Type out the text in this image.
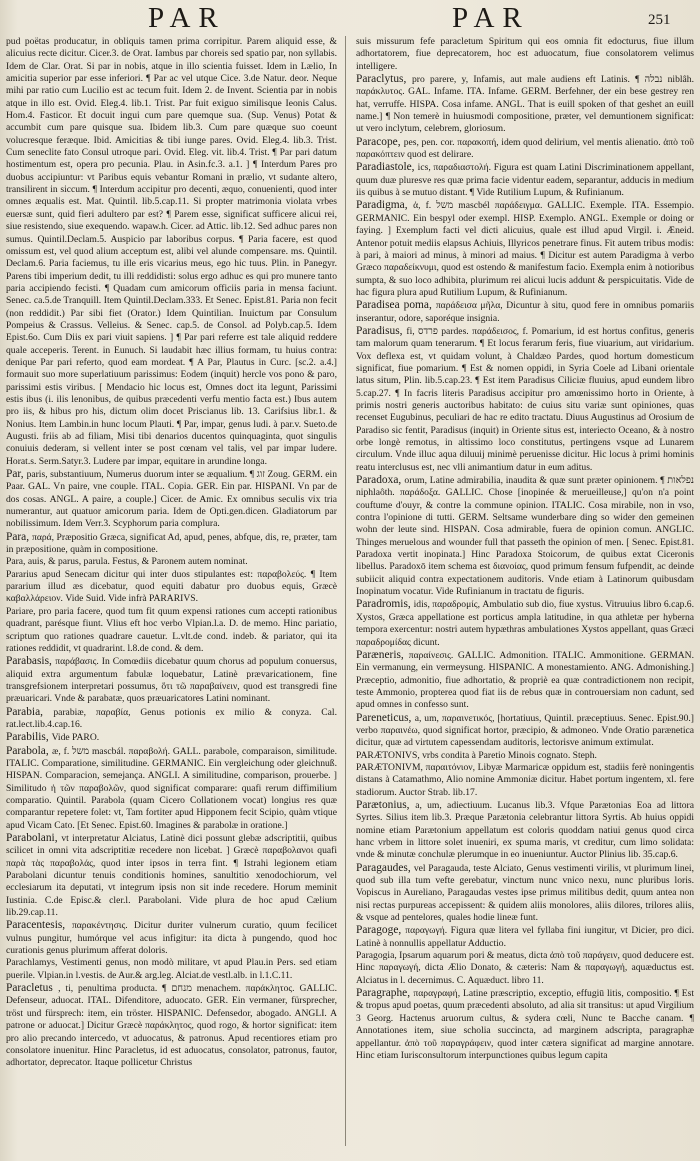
PAR	PAR	251

pud poëtas producatur, in obliquis tamen prima corripitur. Parem aliquid esse, & alicuius recte dicitur. Cicer.3. de Orat. Iambus par choreis sed spatio par, non syllabis. Idem de Clar. Orat. Si par in nobis, atque in illo scientia fuisset. Idem in Lælio, In amicitia superior par esse inferiori. ¶ Par ac vel utque Cice. 3.de Natur. deor. Neque mihi par ratio cum Lucilio est ac tecum fuit. Idem 2. de Invent. Scientia par in nobis atque in illo est. Ovid. Eleg.4. lib.1. Trist. Par fuit exiguo similisque Ieonis Calus. Hom.4. Fasticor. Et docuit ingui cum pare quemque sua. (Sup. Venus) Potat & accumbit cum pare quisque sua. Ibidem lib.3. Cum pare quæque suo coeunt volucresque feræque. Ibid. Amicitias & tibi iunge pares. Ovid. Eleg.4. lib.3. Trist. Cum seneclite fato Consul utroque pari. Ovid. Eleg. vit. lib.4. Trist. ¶ Par pari datum hostimentum est, opera pro pecunia. Plau. in Asin.fc.3. a.1. ] ¶ Interdum Pares pro duobus accipiuntur: vt Paribus equis vebantur Romani in prælio, vt sudante altero, transilirent in siccum. ¶ Interdum accipitur pro decenti, æquo, conuenienti, quod inter omnes æqualis est. Mat. Quintil. lib.5.cap.11. Si propter matrimonia violata vrbes euersæ sunt, quid fieri adultero par est? ¶ Parem esse, significat sufficere alicui rei, siue resistendo, siue exequendo. wapaw.h. Cicer. ad Attic. lib.12. Sed adhuc pares non sumus. Quintil.Declam.5. Auspicio par laboribus corpus. ¶ Paria facere, est quod omissum est, vel quod alium acceptum est, alibi vel alunde compensare. ms. Quintil. Declam.6. Paria faciemus, tu ille eris vicarius meus, ego hic tuus. Plin. in Panegyr. Parens tibi imperium dedit, tu illi reddidisti: solus ergo adhuc es qui pro munere tanto paria accipiendo fecisti. ¶ Quadam cum amicorum officiis paria in mensa faciunt. Senec. ca.5.de Tranquill. Item Quintil.Declam.333. Et Senec. Epist.81. Paria non fecit (non reddidit.) Par sibi fiet (Orator.) Idem Quintilian. Inuictum par Consulum Pompeius & Crassus. Velleius. & Senec. cap.5. de Consol. ad Polyb.cap.5. Idem Epist.6o. Cum Diis ex pari viuit sapiens. ] ¶ Par pari referre est tale aliquid reddere quale acceperis. Terent. in Eunuch. Si laudabit hæc illius formam, tu huius contra: denique Par pari referto, quod eam mordeat. ¶ A Par, Plautus in Curc. [sc.2. a.4.] formauit suo more superlatiuum parissimus: Eodem (inquit) hercle vos pono & paro, parissimi estis viribus. [ Mendacio hic locus est, Omnes doct ita legunt, Parissimi estis ibus (i. ilis lenonibus, de quibus præcedenti verfu mentio facta est.) Ibus autem pro iis, & hibus pro his, dictum olim docet Priscianus lib. 13. Carifsius libr.1. & Nonius. Item Lambin.in hunc locum Plauti. ¶ Par, impar, genus ludi. à par.v. Sueto.de Augusti. friis ab ad filiam, Misi tibi denarios ducentos quinquaginta, quot singulis conuiuis dederam, si vellent inter se post cœnam vel talis, vel par impar ludere. Horat.s. Serm.Satyr.3. Ludere par impar, equitare in arundine longa.

Par, paris, substantiuum, Numerus duorum inter se æqualium. ¶ זוג Zoug. GERM. ein Paar. GAL. Vn paire, vne couple. ITAL. Copia. GER. Ein par. HISPANI. Vn par de dos cosas. ANGL. A paire, a couple.] Cicer. de Amic. Ex omnibus seculis vix tria numerantur, aut quatuor amicorum paria. Idem de Opti.gen.dicen. Gladiatorum par nobilissimum. Idem Verr.3. Scyphorum paria complura.

Para, παρά, Præpositio Græca, significat Ad, apud, penes, abfque, dis, re, præter, tam in præpositione, quàm in compositione.

Para, auis, & parus, parula. Festus, & Paronem autem nominat.

Pararius apud Senecam dicitur qui inter duos stipulantes est: παραβολεύς. ¶ Item pararium illud æs dicebatur, quod equiti dabatur pro duobus equis, Græcè καβαλλάρειον. Vide Suid. Vide infrà PARARIVS.

Pariare, pro paria facere, quod tum fit quum expensi rationes cum accepti rationibus quadrant, parésque fiunt. Vlius eft hoc verbo Vlpian.l.a. D. de memo. Hinc pariatio, scriptum quo rationes quadrare cauetur. L.vlt.de cond. indeb. & pariator, qui ita rationes reddidit, vt quadrarint. l.8.de cond. & dem.

Parabasis, παράβασις. In Comœdiis dicebatur quum chorus ad populum conuersus, aliquid extra argumentum fabulæ loquebatur, Latinè prævaricationem, fine transgrefsionem interpretari possumus, ὅτι τῶ παραβαίνειν, quod est transgredi fine præuaricari. Vnde & parabatæ, quos præuaricatores Latini nominant.

Parabia, parabiæ, παραβία, Genus potionis ex milio & conyza. Cal. rat.lect.lib.4.cap.16.

Parabilis, Vide PARO.

Parabola, æ, f. משל mascbál. παραβολή. GALL. parabole, comparaison, similitude. ITALIC. Comparatione, similitudine. GERMANIC. Ein vergleichung oder gleichnuß. HISPAN. Comparacion, semejança. ANGLI. A similitudine, comparison, prouerbe. ] Similitudo ἡ τῶν παραβολῶν, quod significat comparare: quafi rerum diffimilium comparatio. Quintil. Parabola (quam Cicero Collationem vocat) longius res quæ comparantur repetere folet: vt, Tam fortiter apud Hipponem fecit Scipio, quàm vtique apud Vicam Cato. [Et Senec. Epist.60. Imagines & parabolæ in oratione.]

Parabolani, vt interpretatur Alciatus, Latinè dici possunt glebæ adscriptitii, quibus scilicet in omni vita adscriptitiæ recedere non licebat. ] Græcè παραβολανοι quafi παρὰ τὰς παραβολάς, quod inter ipsos in terra fint. ¶ Istrahi legionem etiam Parabolani dicuntur tenuis conditionis homines, sanultitio xenodochiorum, vel ecclesiarum ita deputati, vt integrum ipsis non sit inde recedere. Horum meminit Iustinia. C.de Episc.& cler.l. Parabolani. Vide plura de hoc apud Cælium lib.29.cap.11.

Paracentesis, παρακέντησις. Dicitur duriter vulnerum curatio, quum fecilicet vulnus pungitur, humórque vel acus infigitur: ita dicta à pungendo, quod hoc curationis genus plurimum afferat doloris.

Parachlamys, Vestimenti genus, non modò militare, vt apud Plau.in Pers. sed etiam puerile. Vlpian.in l.vestis. de Aur.& arg.leg. Alciat.de vestl.alb. in l.1.C.11.

Paracletus , ti, penultima producta. ¶ מנחם menachem. παράκλητος. GALLIC. Defenseur, aduocat. ITAL. Difenditore, aduocato. GER. Ein vermaner, fürsprecher, tröst und fürsprech: item, ein tröster. HISPANIC. Defensedor, abogado. ANGLI. A patrone or aduocat.] Dicitur Græcè παράκλητος, quod rogo, & hortor significat: item pro alio precando intercedo, vt aduocatus, & patronus. Apud recentiores etiam pro consolatore inuenitur. Hinc Paracletus, id est aduocatus, consolator, patronus, fautor, adhortator, deprecator. Itaque pollicetur Christus

suis missurum fefe paracletum Spiritum qui eos omnia fit edocturus, fiue illum adhortatorem, fiue deprecatorem, hoc est aduocatum, fiue consolatorem velimus intelligere.

Paraclytus, pro parere, y, Infamis, aut male audiens eft Latinis. ¶ נבלה niblâh. παράκλυτος. GAL. Infame. ITA. Infame. GERM. Berfehner, der ein bese gestrey ren hat, verruffe. HISPA. Cosa infame. ANGL. That is euill spoken of that geshet an euill name.] ¶ Non temerè in huiusmodi compositione, præter, vel demuntionem significat: ut vero inclytum, celebrem, gloriosum.

Paracope, pes, pen. cor. παρακοπή, idem quod delirium, vel mentis alienatio. ἀπὸ τοῦ παρακόπτειν quod est delirare.

Paradiastole, ics, παραδιαστολή. Figura est quam Latini Discriminationem appellant, quum duæ pluresve res quæ prima facie videntur eadem, separantur, adducis in medium iis quibus à se mutuo distant. ¶ Vide Rutilium Lupum, & Rufinianum.

Paradigma, ἁ, f. משל mascbél παράδειγμα. GALLIC. Exemple. ITA. Essempio. GERMANIC. Ein bespyl oder exempl. HISP. Exemplo. ANGL. Exemple or doing or faying. ] Exemplum facti vel dicti alicuius, quale est illud apud Virgil. i. Æneid. Antenor potuit mediis elapsus Achiuis, Illyricos penetrare finus. Fit autem tribus modis: à pari, à maiori ad minus, à minori ad maius. ¶ Dicitur est autem Paradigma à verbo Græco παραδείκνυμι, quod est ostendo & manifestum facio. Exempla enim à notioribus sumpta, & suo loco adhibita, plurimum rei alicui lucis addunt & perspicuitatis. Vide de hac figura plura apud Rutilium Lupum, & Rufinianum.

Paradisea poma, παράδεισα μῆλα, Dicuntur à situ, quod fere in omnibus pomariis inserantur, odore, saporéque insignia.

Paradisus, fi, פרדס pardes. παράδεισος, f. Pomarium, id est hortus confitus, generis tam malorum quam tenerarum. ¶ Et locus ferarum feris, fiue viuarium, aut viridarium. Vox deflexa est, vt quidam volunt, à Chaldæo Pardes, quod hortum domesticum significat, fiue pomarium. ¶ Est & nomen oppidi, in Syria Coele ad Libani orientale latus situm, Plin. lib.5.cap.23. ¶ Est item Paradisus Ciliciæ fluuius, apud eundem libro 5.cap.27. ¶ In facris literis Paradisus accipitur pro amœnissimo horto in Oriente, à primis nostri generis auctoribus habitato: de cuius situ variæ sunt opiniones, quas recenset Eugubinus, peculiari de hac re edito tractatu. Diuus Augustinus ad Orosium de Paradiso sic fentit, Paradisus (inquit) in Oriente situs est, interiecto Oceano, & à nostro orbe longè remotus, in altissimo loco constitutus, pertingens vsque ad Lunarem circulum. Vnde illuc aqua diluuij minimè peruenisse dicitur. Hic locus à primi hominis reatu interclusus est, nec vlli animantium datur in eum aditus.

Paradoxa, orum, Latine admirabilia, inaudita & quæ sunt præter opinionem. ¶ נפלאות niphlaôth. παράδοξα. GALLIC. Chose [inopinée & merueilleuse,] qu'on n'a point couftume d'ouyr, & contre la commune opinion. ITALIC. Cosa mirabile, non in vso, contra l'opinione di tutti. GERM. Seltsame wunderbare ding so wider den gemeinen wohn der leute sind. HISPAN. Cosa admirable, fuera de opinion comun. ANGLIC. Thinges meruelous and wounder full that passeth the opinion of men. [ Senec. Epist.81. Paradoxa vertit inopinata.] Hinc Paradoxa Stoicorum, de quibus extat Ciceronis libellus. Paradoxō item schema est διανοίας, quod primum fensum fufpendit, ac deinde subiicit aliquid contra expectationem auditoris. Vnde etiam à Latinorum quibusdam Inopinatum vocatur. Vide Rufinianum in tractatu de figuris.

Paradromis, idis, παραδρομίς, Ambulatio sub dio, fiue xystus. Vitruuius libro 6.cap.6. Xystos, Græca appellatione est porticus ampla latitudine, in qua athletæ per hyberna tempora exercentur: nostri autem hypæthras ambulationes Xystos appellant, quas Græci παραδρομίδας dicunt.

Paræneris, παραίνεσις. GALLIC. Admonition. ITALIC. Ammonitione. GERMAN. Ein vermanung, ein vermeysung. HISPANIC. A monestamiento. ANG. Admonishing.] Præceptio, admonitio, fiue adhortatio, & propriè ea quæ contradictionem non recipit, teste Ammonio, propterea quod fiat iis de rebus quæ in controuersiam non cadunt, sed apud omnes in confesso sunt.

Pareneticus, a, um, παραινετικός, [hortatiuus, Quintil. præceptiuus. Senec. Epist.90.] verbo παραινέω, quod significat hortor, præcipio, & admoneo. Vnde Oratio parænetica dicitur, quæ ad virtutem capessendam auditoris, lectorisve animum extimulat.

PARÆTONIVS, vrbs condita à Paretio Minois cognato. Steph.

PARÆTONIVM, παραιτόνιον, Libyæ Marmaricæ oppidum est, stadiis ferè noningentis distans à Catamathmo, Alio nomine Ammoniæ dicitur. Habet portum ingentem, xl. fere stadiorum. Auctor Strab. lib.17.

Parætonius, a, um, adiectiuum. Lucanus lib.3. Vfque Parætonias Eoa ad littora Syrtes. Silius item lib.3. Præque Parætonia celebrantur littora Syrtis. Ab huius oppidi nomine etiam Parætonium appellatum est coloris quoddam natiui genus quod circa hanc vrbem in littore solet inueniri, ex spuma maris, vt creditur, cum limo solidata: vnde & minutæ conchulæ plerumque in eo inueniuntur. Auctor Plinius lib. 35.cap.6.

Paragaudes, vel Paragauda, teste Alciato, Genus vestimenti virilis, vt plurimum linei, quod sub illa tum vefte gerebatur, vinctum nunc vnico nexu, nunc pluribus loris. Vopiscus in Aureliano, Paragaudas vestes ipse primus militibus dedit, quum antea non nisi rectas purpureas accepissent: & quidem aliis monolores, aliis dilores, trilores aliis, & vsque ad pentelores, quales hodie lineæ funt.

Paragoge, παραγωγή. Figura quæ litera vel fyllaba fini iungitur, vt Dicier, pro dici. Latinè à nonnullis appellatur Adductio.

Paragogia, Ipsarum aquarum pori & meatus, dicta ἀπὸ τοῦ παράγειν, quod deducere est. Hinc παραγωγή, dicta Ælio Donato, & cæteris: Nam & παραγωγή, aquæductus est. Alciatus in l. decernimus. C. Aquæduct. libro 11.

Paragraphe, παραγραφή, Latine præscriptio, exceptio, effugiū litis, compositio. ¶ Est & tropus apud poetas, quum præcedenti absoluto, ad alia sit transitus: ut apud Virgilium 3 Georg. Hactenus aruorum cultus, & sydera cœli, Nunc te Bacche canam. ¶ Annotationes item, siue scholia succincta, ad marginem adscripta, paragraphæ appellantur. ἀπὸ τοῦ παραγράφειν, quod inter cætera significat ad margine annotare. Hinc etiam Iurisconsultorum interpunctiones quibus legum capita
